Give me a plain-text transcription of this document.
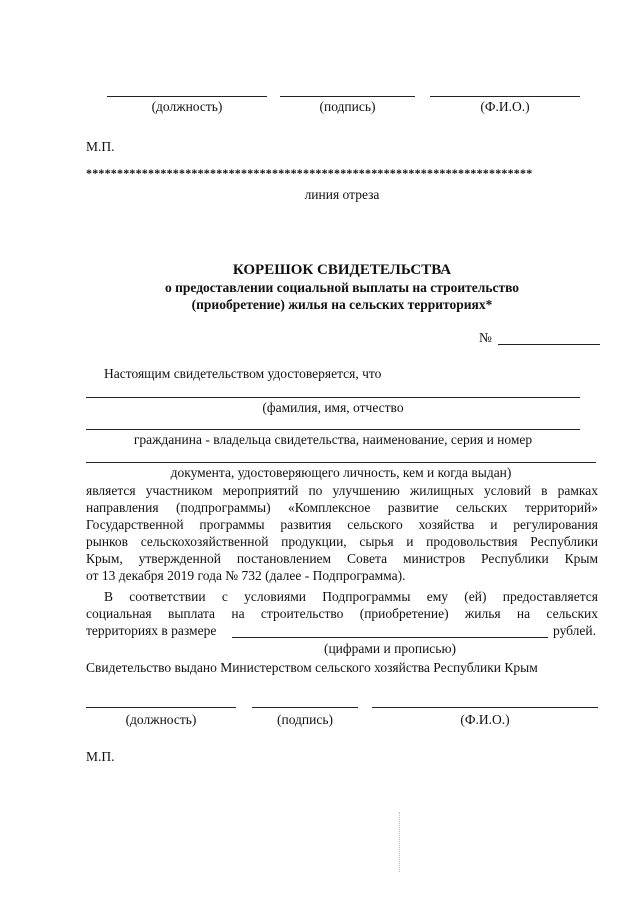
(должность)	(подпись)	(Ф.И.О.)
М.П.
************************************************************************
линия отреза
КОРЕШОК СВИДЕТЕЛЬСТВА
о предоставлении социальной выплаты на строительство
(приобретение) жилья на сельских территориях*
№
Настоящим свидетельством удостоверяется, что
(фамилия, имя, отчество
гражданина - владельца свидетельства, наименование, серия и номер
документа, удостоверяющего личность, кем и когда выдан)
является участником мероприятий по улучшению жилищных условий в рамках
направления (подпрограммы) «Комплексное развитие сельских территорий»
Государственной программы развития сельского хозяйства и регулирования
рынков сельскохозяйственной продукции, сырья и продовольствия Республики
Крым, утвержденной постановлением Совета министров Республики Крым
от 13 декабря 2019 года № 732 (далее - Подпрограмма).
В соответствии с условиями Подпрограммы ему (ей) предоставляется
социальная выплата на строительство (приобретение) жилья на сельских
территориях в размере	рублей.
(цифрами и прописью)
Свидетельство выдано Министерством сельского хозяйства Республики Крым
(должность)	(подпись)	(Ф.И.О.)
М.П.
